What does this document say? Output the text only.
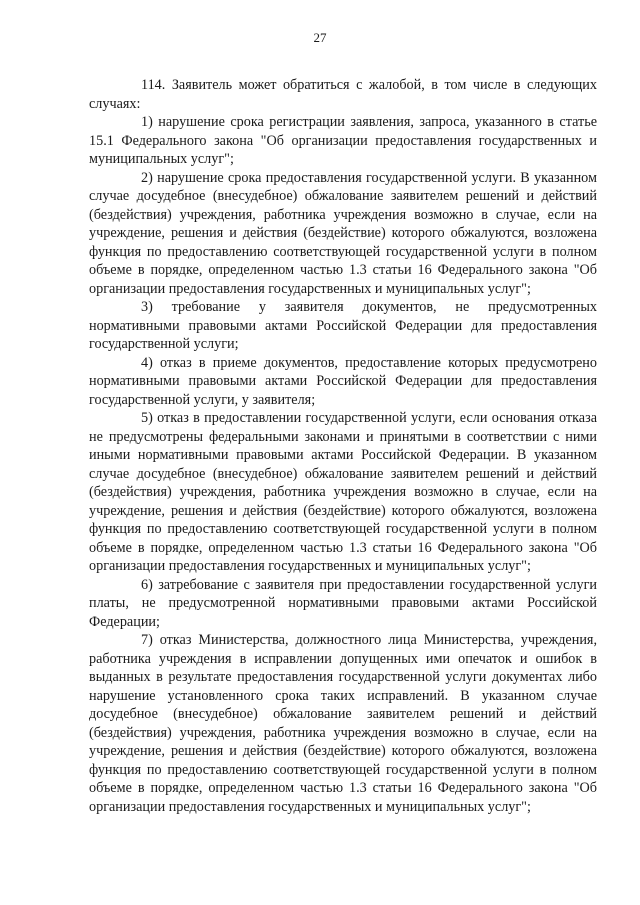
27

114. Заявитель может обратиться с жалобой, в том числе в следующих случаях:

1) нарушение срока регистрации заявления, запроса, указанного в статье 15.1 Федерального закона "Об организации предоставления государственных и муниципальных услуг";

2) нарушение срока предоставления государственной услуги. В указанном случае досудебное (внесудебное) обжалование заявителем решений и действий (бездействия) учреждения, работника учреждения возможно в случае, если на учреждение, решения и действия (бездействие) которого обжалуются, возложена функция по предоставлению соответствующей государственной услуги в полном объеме в порядке, определенном частью 1.3 статьи 16 Федерального закона "Об организации предоставления государственных и муниципальных услуг";

3) требование у заявителя документов, не предусмотренных нормативными правовыми актами Российской Федерации для предоставления государственной услуги;

4) отказ в приеме документов, предоставление которых предусмотрено нормативными правовыми актами Российской Федерации для предоставления государственной услуги, у заявителя;

5) отказ в предоставлении государственной услуги, если основания отказа не предусмотрены федеральными законами и принятыми в соответствии с ними иными нормативными правовыми актами Российской Федерации. В указанном случае досудебное (внесудебное) обжалование заявителем решений и действий (бездействия) учреждения, работника учреждения возможно в случае, если на учреждение, решения и действия (бездействие) которого обжалуются, возложена функция по предоставлению соответствующей государственной услуги в полном объеме в порядке, определенном частью 1.3 статьи 16 Федерального закона "Об организации предоставления государственных и муниципальных услуг";

6) затребование с заявителя при предоставлении государственной услуги платы, не предусмотренной нормативными правовыми актами Российской Федерации;

7) отказ Министерства, должностного лица Министерства, учреждения, работника учреждения в исправлении допущенных ими опечаток и ошибок в выданных в результате предоставления государственной услуги документах либо нарушение установленного срока таких исправлений. В указанном случае досудебное (внесудебное) обжалование заявителем решений и действий (бездействия) учреждения, работника учреждения возможно в случае, если на учреждение, решения и действия (бездействие) которого обжалуются, возложена функция по предоставлению соответствующей государственной услуги в полном объеме в порядке, определенном частью 1.3 статьи 16 Федерального закона "Об организации предоставления государственных и муниципальных услуг";
